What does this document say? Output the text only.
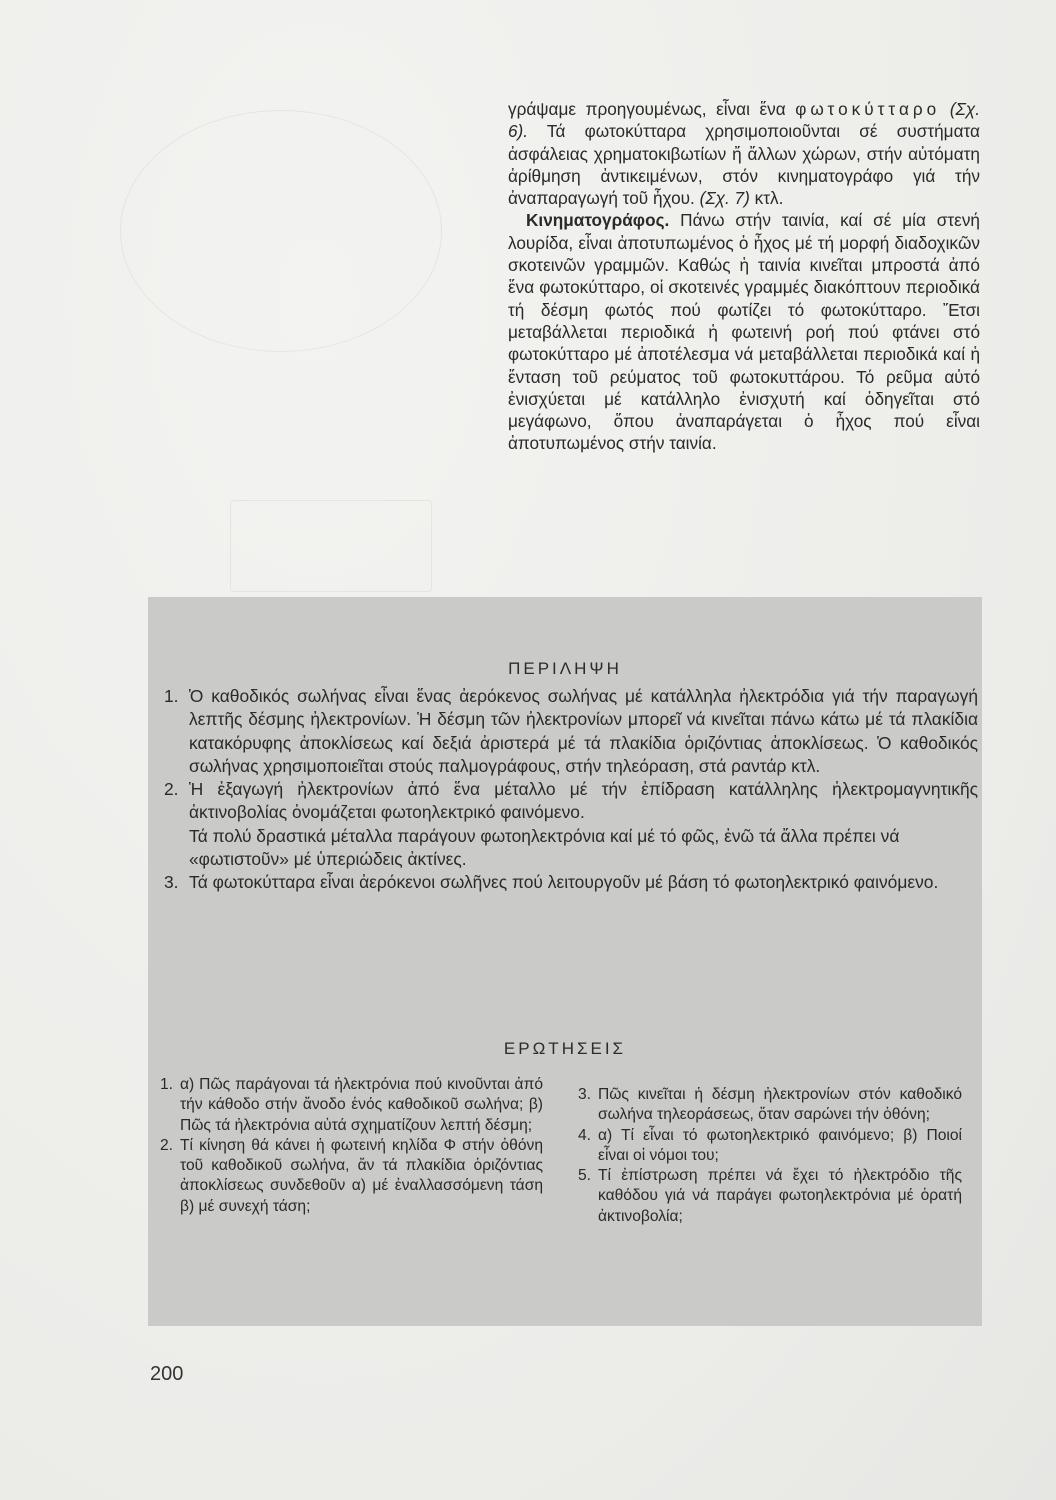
γράψαμε προηγουμένως, εἶναι ἕνα φωτοκύτταρο (Σχ. 6). Τά φωτοκύτταρα χρησιμοποιοῦνται σέ συστήματα ἀσφάλειας χρηματοκιβωτίων ἤ ἄλλων χώρων, στήν αὐτόματη ἀρίθμηση ἀντικειμένων, στόν κινηματογράφο γιά τήν ἀναπαραγωγή τοῦ ἦχου. (Σχ. 7) κτλ.

Κινηματογράφος. Πάνω στήν ταινία, καί σέ μία στενή λουρίδα, εἶναι ἀποτυπωμένος ὁ ἦχος μέ τή μορφή διαδοχικῶν σκοτεινῶν γραμμῶν. Καθώς ἡ ταινία κινεῖται μπροστά ἀπό ἕνα φωτοκύτταρο, οἱ σκοτεινές γραμμές διακόπτουν περιοδικά τή δέσμη φωτός πού φωτίζει τό φωτοκύτταρο. Ἔτσι μεταβάλλεται περιοδικά ἡ φωτεινή ροή πού φτάνει στό φωτοκύτταρο μέ ἀποτέλεσμα νά μεταβάλλεται περιοδικά καί ἡ ἔνταση τοῦ ρεύματος τοῦ φωτοκυττάρου. Τό ρεῦμα αὐτό ἐνισχύεται μέ κατάλληλο ἐνισχυτή καί ὁδηγεῖται στό μεγάφωνο, ὅπου ἀναπαράγεται ὁ ἦχος πού εἶναι ἀποτυπωμένος στήν ταινία.

ΠΕΡΙΛΗΨΗ
1. Ὁ καθοδικός σωλήνας εἶναι ἕνας ἀερόκενος σωλήνας μέ κατάλληλα ἠλεκτρόδια γιά τήν παραγωγή λεπτῆς δέσμης ἠλεκτρονίων. Ἡ δέσμη τῶν ἠλεκτρονίων μπορεῖ νά κινεῖται πάνω κάτω μέ τά πλακίδια κατακόρυφης ἀποκλίσεως καί δεξιά ἀριστερά μέ τά πλακίδια ὁριζόντιας ἀποκλίσεως. Ὁ καθοδικός σωλήνας χρησιμοποιεῖται στούς παλμογράφους, στήν τηλεόραση, στά ραντάρ κτλ.
2. Ἡ ἐξαγωγή ἠλεκτρονίων ἀπό ἕνα μέταλλο μέ τήν ἐπίδραση κατάλληλης ἠλεκτρομαγνητικῆς ἀκτινοβολίας ὀνομάζεται φωτοηλεκτρικό φαινόμενο.
Τά πολύ δραστικά μέταλλα παράγουν φωτοηλεκτρόνια καί μέ τό φῶς, ἐνῶ τά ἄλλα πρέπει νά «φωτιστοῦν» μέ ὑπεριώδεις ἀκτίνες.
3. Τά φωτοκύτταρα εἶναι ἀερόκενοι σωλῆνες πού λειτουργοῦν μέ βάση τό φωτοηλεκτρικό φαινόμενο.
ΕΡΩΤΗΣΕΙΣ
1. α) Πῶς παράγοναι τά ἠλεκτρόνια πού κινοῦνται ἀπό τήν κάθοδο στήν ἄνοδο ἑνός καθοδικοῦ σωλήνα; β) Πῶς τά ἠλεκτρόνια αὐτά σχηματίζουν λεπτή δέσμη;
2. Τί κίνηση θά κάνει ἡ φωτεινή κηλίδα Φ στήν ὀθόνη τοῦ καθοδικοῦ σωλήνα, ἄν τά πλακίδια ὁριζόντιας ἀποκλίσεως συνδεθοῦν α) μέ ἐναλλασσόμενη τάση β) μέ συνεχή τάση;
3. Πῶς κινεῖται ἡ δέσμη ἠλεκτρονίων στόν καθοδικό σωλήνα τηλεοράσεως, ὅταν σαρώνει τήν ὀθόνη;
4. α) Τί εἶναι τό φωτοηλεκτρικό φαινόμενο; β) Ποιοί εἶναι οἱ νόμοι του;
5. Τί ἐπίστρωση πρέπει νά ἔχει τό ἠλεκτρόδιο τῆς καθόδου γιά νά παράγει φωτοηλεκτρόνια μέ ὁρατή ἀκτινοβολία;
200
